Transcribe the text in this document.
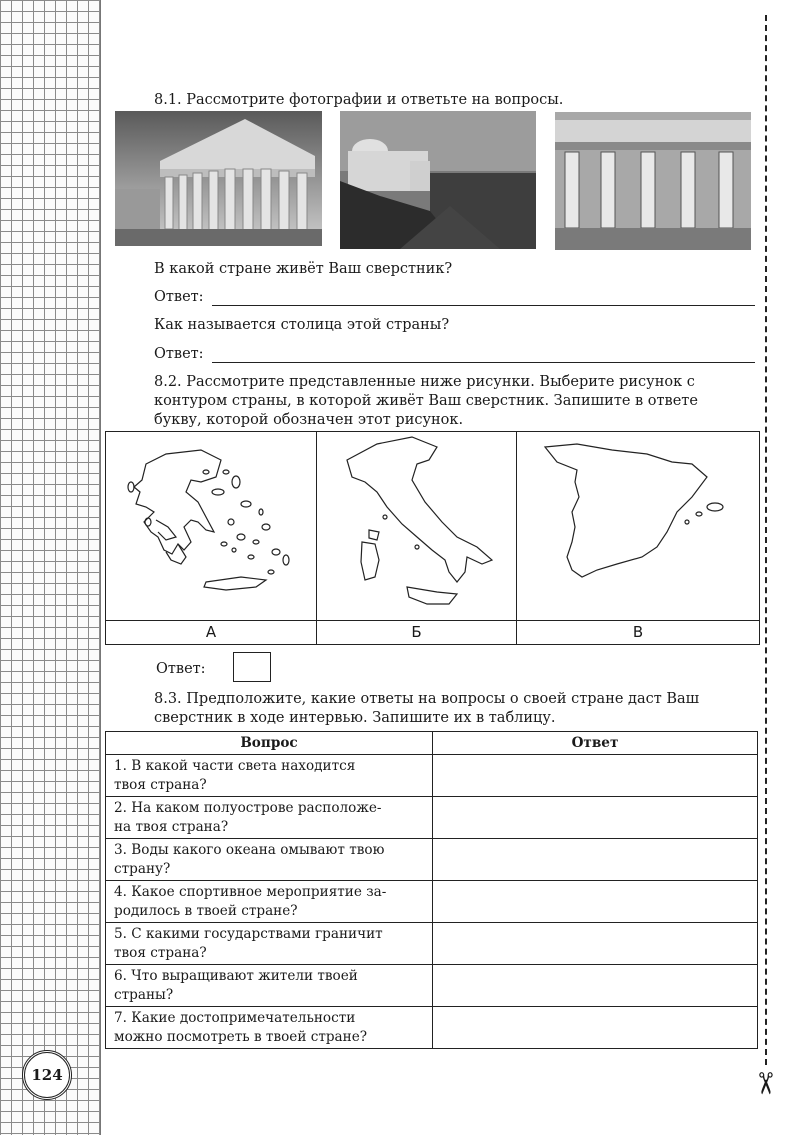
✂
124
8.1. Рассмотрите фотографии и ответьте на вопросы.
В какой стране живёт Ваш сверстник?
Ответ:
Как называется столица этой страны?
Ответ:
8.2. Рассмотрите представленные ниже рисунки. Выберите рисунок с
контуром страны, в которой живёт Ваш сверстник. Запишите в ответе
букву, которой обозначен этот рисунок.
А	Б	В
Ответ:
8.3. Предположите, какие ответы на вопросы о своей стране даст Ваш
сверстник в ходе интервью. Запишите их в таблицу.
Вопрос	Ответ
1. В какой части света находится
твоя страна?	
2. На каком полуострове расположе-
на твоя страна?	
3. Воды какого океана омывают твою
страну?	
4. Какое спортивное мероприятие за-
родилось в твоей стране?	
5. С какими государствами граничит
твоя страна?	
6. Что выращивают жители твоей
страны?	
7. Какие достопримечательности
можно посмотреть в твоей стране?	
